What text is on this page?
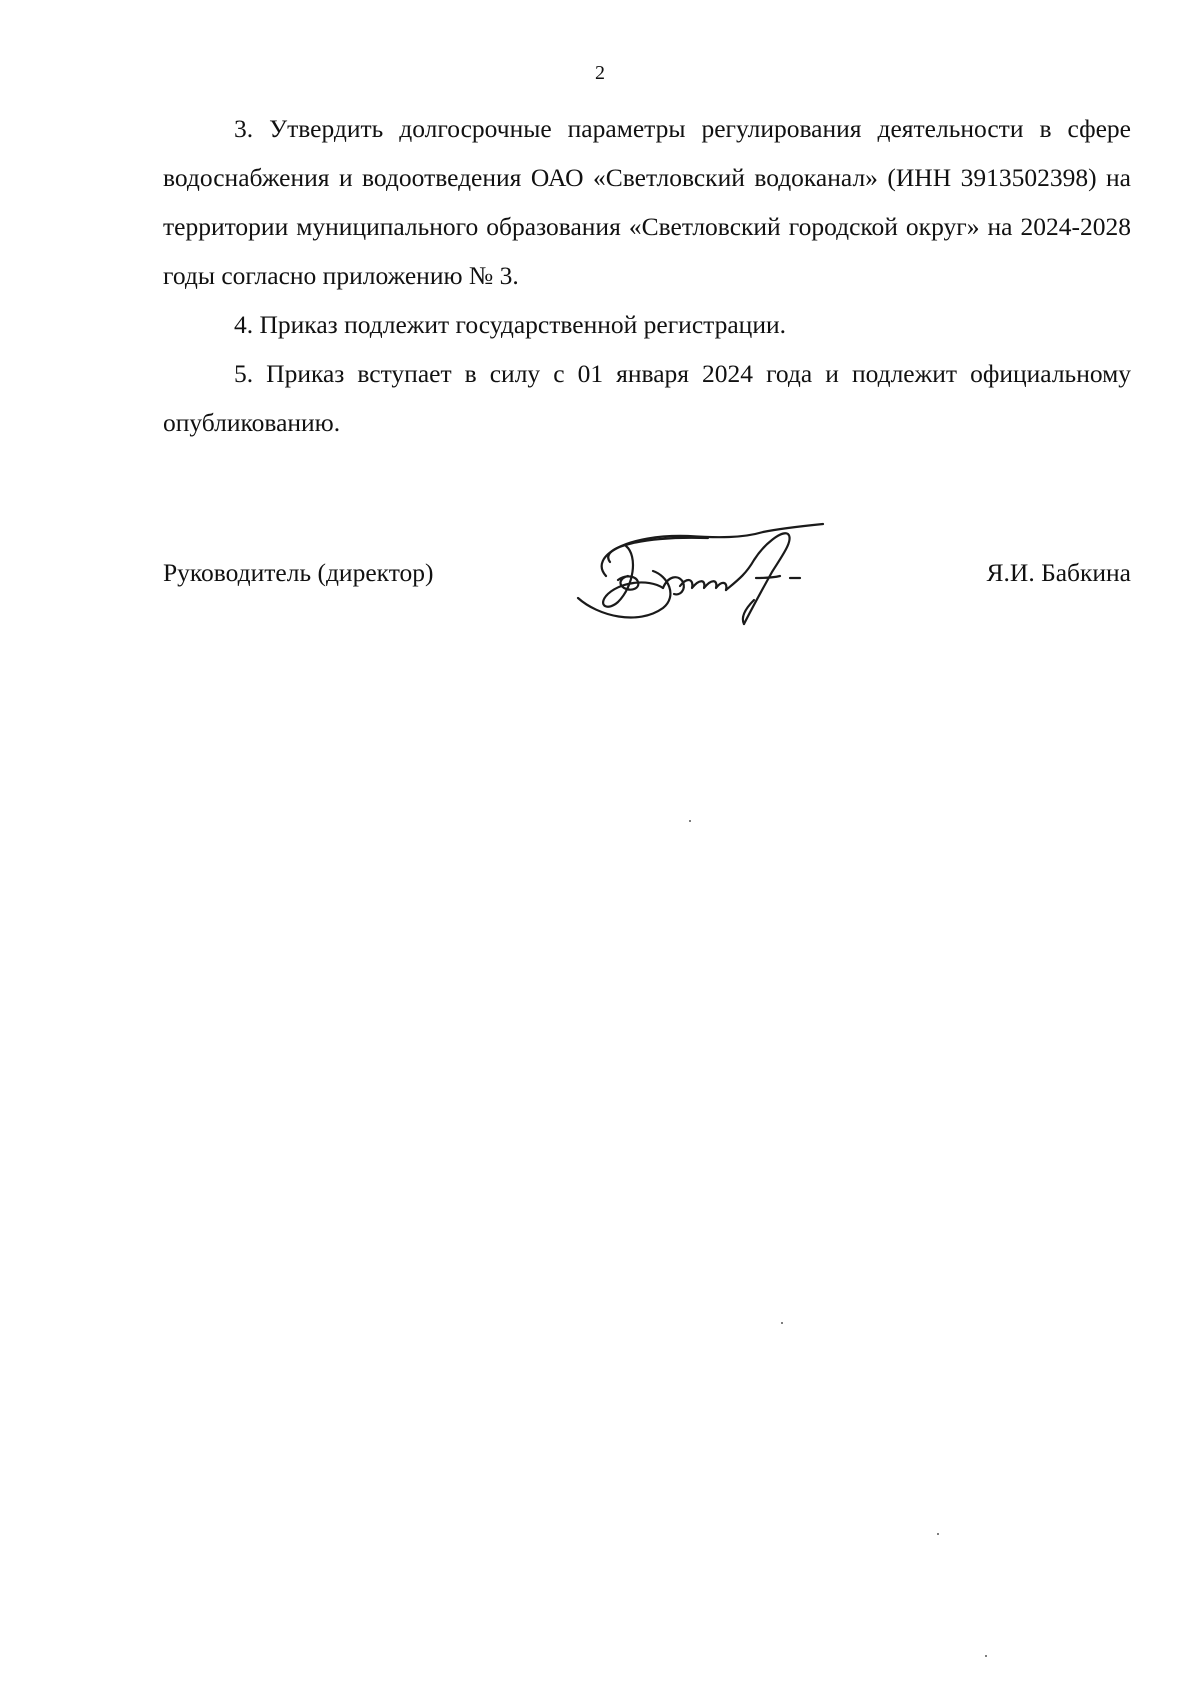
2

3. Утвердить долгосрочные параметры регулирования деятельности в сфере водоснабжения и водоотведения ОАО «Светловский водоканал» (ИНН 3913502398) на территории муниципального образования «Светловский городской округ» на 2024-2028 годы согласно приложению № 3.

4. Приказ подлежит государственной регистрации.

5. Приказ вступает в силу с 01 января 2024 года и подлежит официальному опубликованию.

Руководитель (директор)	Я.И. Бабкина
